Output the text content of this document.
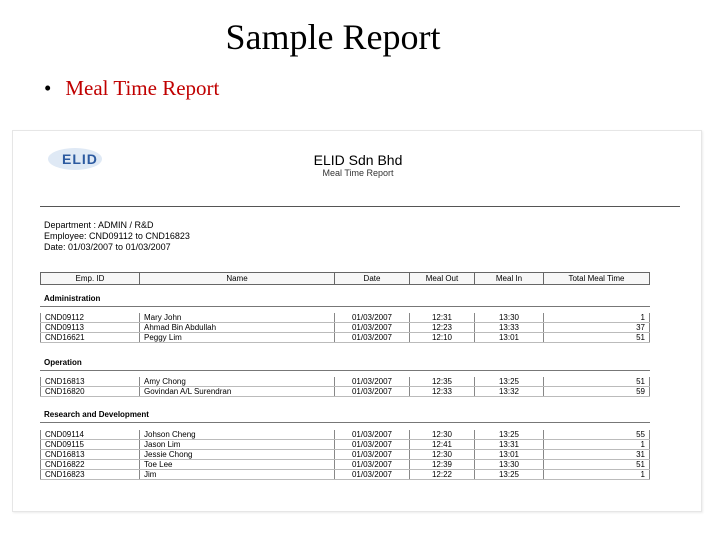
Sample Report
• Meal Time Report
ELID	ELID Sdn Bhd
Meal Time Report
Department : ADMIN / R&D
Employee: CND09112 to CND16823
Date: 01/03/2007 to 01/03/2007
Emp. ID	Name	Date	Meal Out	Meal In	Total Meal Time
Administration
CND09112	Mary John	01/03/2007	12:31	13:30	1
CND09113	Ahmad Bin Abdullah	01/03/2007	12:23	13:33	37
CND16621	Peggy Lim	01/03/2007	12:10	13:01	51
Operation
CND16813	Amy Chong	01/03/2007	12:35	13:25	51
CND16820	Govindan A/L Surendran	01/03/2007	12:33	13:32	59
Research and Development
CND09114	Johson Cheng	01/03/2007	12:30	13:25	55
CND09115	Jason Lim	01/03/2007	12:41	13:31	1
CND16813	Jessie Chong	01/03/2007	12:30	13:01	31
CND16822	Toe Lee	01/03/2007	12:39	13:30	51
CND16823	Jim	01/03/2007	12:22	13:25	1
